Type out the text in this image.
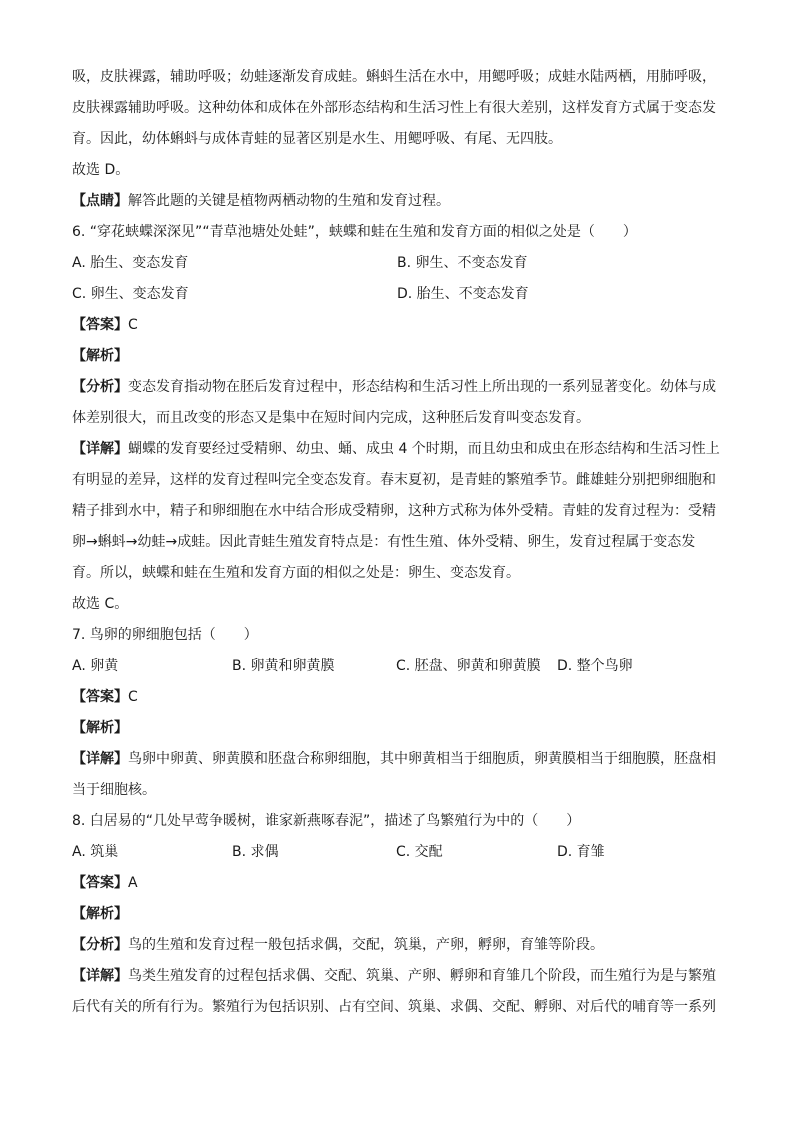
吸，皮肤裸露，辅助呼吸；幼蛙逐渐发育成蛙。蝌蚪生活在水中，用鳃呼吸；成蛙水陆两栖，用肺呼吸，
皮肤裸露辅助呼吸。这种幼体和成体在外部形态结构和生活习性上有很大差别，这样发育方式属于变态发
育。因此，幼体蝌蚪与成体青蛙的显著区别是水生、用鳃呼吸、有尾、无四肢。
故选 D。
【点睛】解答此题的关键是植物两栖动物的生殖和发育过程。
6. “穿花蛱蝶深深见”“青草池塘处处蛙”，蛱蝶和蛙在生殖和发育方面的相似之处是（　　）
A. 胎生、变态发育	B. 卵生、不变态发育
C. 卵生、变态发育	D. 胎生、不变态发育
【答案】C
【解析】
【分析】变态发育指动物在胚后发育过程中，形态结构和生活习性上所出现的一系列显著变化。幼体与成
体差别很大，而且改变的形态又是集中在短时间内完成，这种胚后发育叫变态发育。
【详解】蝴蝶的发育要经过受精卵、幼虫、蛹、成虫 4 个时期，而且幼虫和成虫在形态结构和生活习性上
有明显的差异，这样的发育过程叫完全变态发育。春末夏初，是青蛙的繁殖季节。雌雄蛙分别把卵细胞和
精子排到水中，精子和卵细胞在水中结合形成受精卵，这种方式称为体外受精。青蛙的发育过程为：受精
卵→蝌蚪→幼蛙→成蛙。因此青蛙生殖发育特点是：有性生殖、体外受精、卵生，发育过程属于变态发
育。所以，蛱蝶和蛙在生殖和发育方面的相似之处是：卵生、变态发育。
故选 C。
7. 鸟卵的卵细胞包括（　　）
A. 卵黄	B. 卵黄和卵黄膜	C. 胚盘、卵黄和卵黄膜	D. 整个鸟卵
【答案】C
【解析】
【详解】鸟卵中卵黄、卵黄膜和胚盘合称卵细胞，其中卵黄相当于细胞质，卵黄膜相当于细胞膜，胚盘相
当于细胞核。
8. 白居易的“几处早莺争暖树，谁家新燕啄春泥”，描述了鸟繁殖行为中的（　　）
A. 筑巢	B. 求偶	C. 交配	D. 育雏
【答案】A
【解析】
【分析】鸟的生殖和发育过程一般包括求偶，交配，筑巢，产卵，孵卵，育雏等阶段。
【详解】鸟类生殖发育的过程包括求偶、交配、筑巢、产卵、孵卵和育雏几个阶段，而生殖行为是与繁殖
后代有关的所有行为。繁殖行为包括识别、占有空间、筑巢、求偶、交配、孵卵、对后代的哺育等一系列
